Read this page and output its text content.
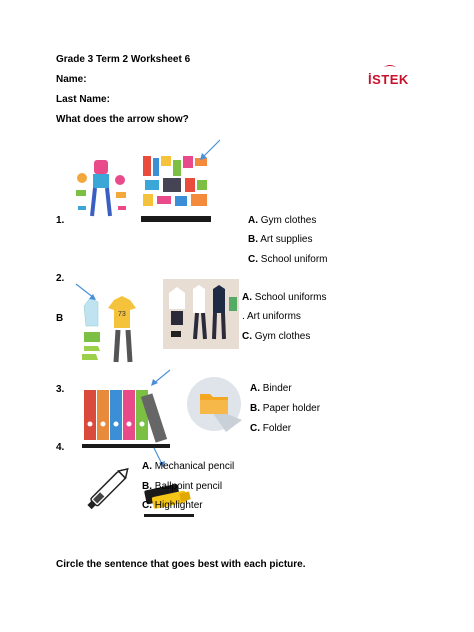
Grade 3 Term 2 Worksheet 6
Name:
Last Name:
What does the arrow show?
İSTEK
1.	A. Gym clothes
B. Art supplies
C. School uniform
2.
B	73
A. School uniforms
. Art uniforms
C. Gym clothes
3.	A. Binder
B. Paper holder
C. Folder
4.
A. Mechanical pencil
B. Ballpoint pencil
C. Highlighter
Circle the sentence that goes best with each picture.
